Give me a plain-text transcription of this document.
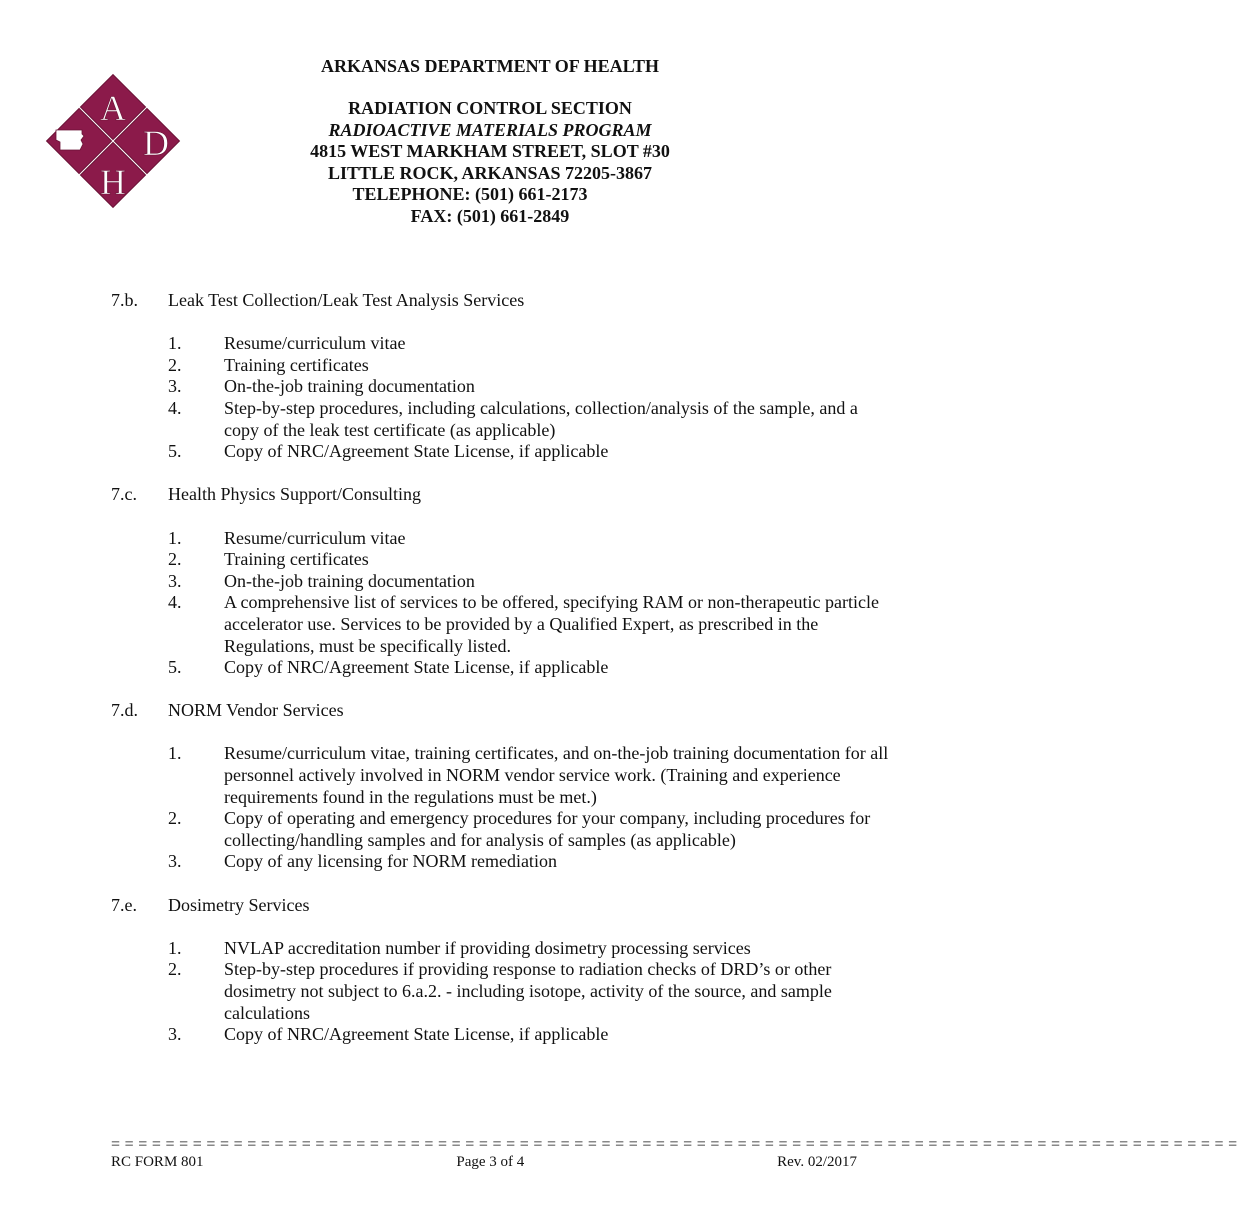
A
D
H
ARKANSAS DEPARTMENT OF HEALTH
RADIATION CONTROL SECTION
RADIOACTIVE MATERIALS PROGRAM
4815 WEST MARKHAM STREET, SLOT #30
LITTLE ROCK, ARKANSAS 72205-3867
TELEPHONE: (501) 661-2173
FAX: (501) 661-2849
7.b.	Leak Test Collection/Leak Test Analysis Services
1.	Resume/curriculum vitae
2.	Training certificates
3.	On-the-job training documentation
4.	Step-by-step procedures, including calculations, collection/analysis of the sample, and a copy of the leak test certificate (as applicable)
5.	Copy of NRC/Agreement State License, if applicable
7.c.	Health Physics Support/Consulting
1.	Resume/curriculum vitae
2.	Training certificates
3.	On-the-job training documentation
4.	A comprehensive list of services to be offered, specifying RAM or non-therapeutic particle accelerator use. Services to be provided by a Qualified Expert, as prescribed in the Regulations, must be specifically listed.
5.	Copy of NRC/Agreement State License, if applicable
7.d.	NORM Vendor Services
1.	Resume/curriculum vitae, training certificates, and on-the-job training documentation for all personnel actively involved in NORM vendor service work. (Training and experience requirements found in the regulations must be met.)
2.	Copy of operating and emergency procedures for your company, including procedures for collecting/handling samples and for analysis of samples (as applicable)
3.	Copy of any licensing for NORM remediation
7.e.	Dosimetry Services
1.	NVLAP accreditation number if providing dosimetry processing services
2.	Step-by-step procedures if providing response to radiation checks of DRD’s or other dosimetry not subject to 6.a.2. - including isotope, activity of the source, and sample calculations
3.	Copy of NRC/Agreement State License, if applicable
= = = = = = = = = = = = = = = = = = = = = = = = = = = = = = = = = = = = = = = = = = = = = = = = = = = = = = = = = = = = = = = = = = = = = = = = = = = = = = = = = = =
RC FORM 801	Page 3 of 4	Rev. 02/2017
